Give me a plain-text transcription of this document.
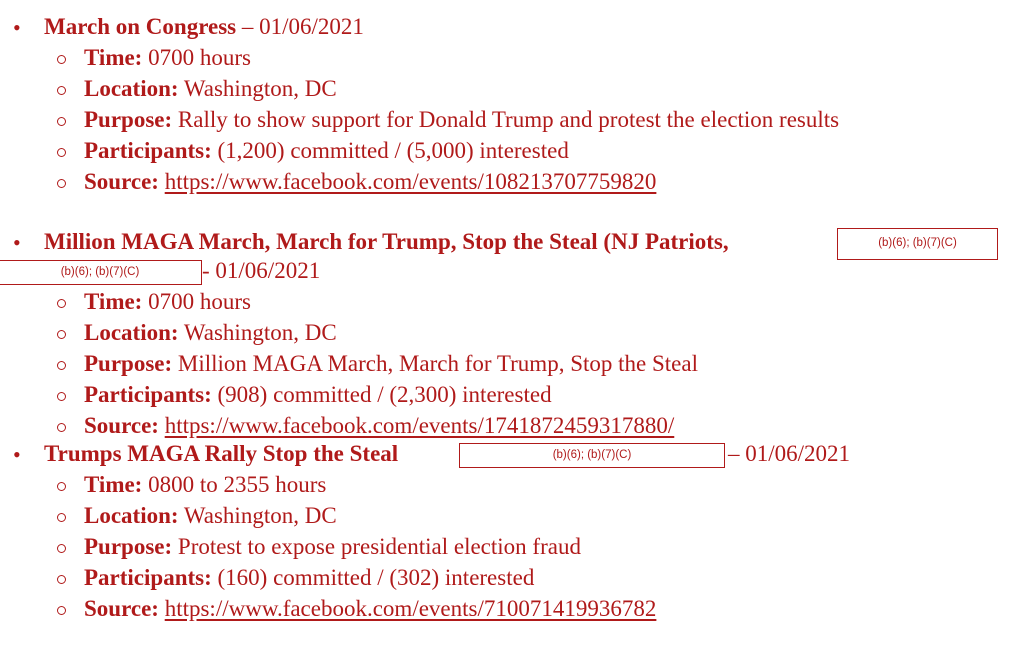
• March on Congress – 01/06/2021
Time: 0700 hours
Location: Washington, DC
Purpose: Rally to show support for Donald Trump and protest the election results
Participants: (1,200) committed / (5,000) interested
Source: https://www.facebook.com/events/108213707759820
• Million MAGA March, March for Trump, Stop the Steal (NJ Patriots,	(b)(6); (b)(7)(C)
(b)(6); (b)(7)(C)	- 01/06/2021
Time: 0700 hours
Location: Washington, DC
Purpose: Million MAGA March, March for Trump, Stop the Steal
Participants: (908) committed / (2,300) interested
Source: https://www.facebook.com/events/1741872459317880/
• Trumps MAGA Rally Stop the Steal	(b)(6); (b)(7)(C)	– 01/06/2021
Time: 0800 to 2355 hours
Location: Washington, DC
Purpose: Protest to expose presidential election fraud
Participants: (160) committed / (302) interested
Source: https://www.facebook.com/events/710071419936782
